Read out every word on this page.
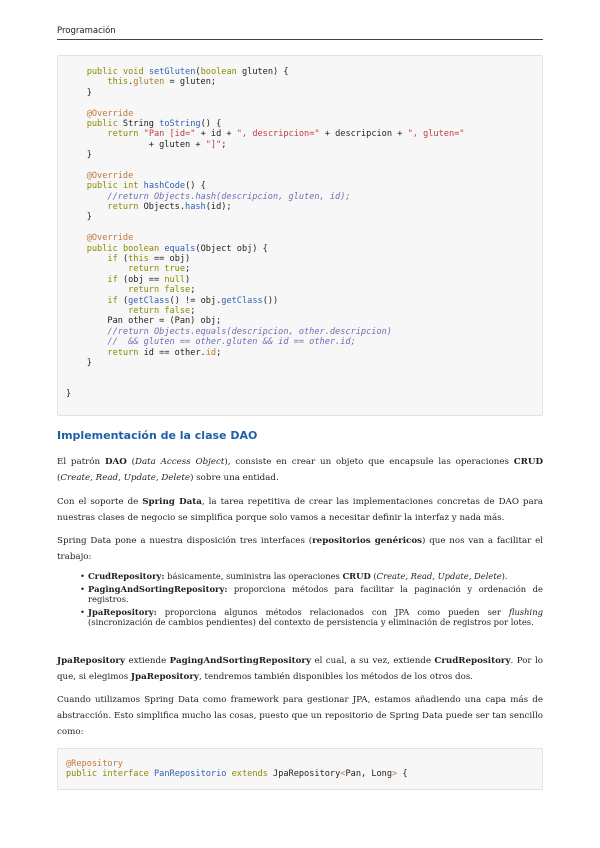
Programación
public void setGluten(boolean gluten) {
this.gluten = gluten;
}
@Override
public String toString() {
return "Pan [id=" + id + ", descripcion=" + descripcion + ", gluten="
+ gluten + "]";
}
@Override
public int hashCode() {
//return Objects.hash(descripcion, gluten, id);
return Objects.hash(id);
}
@Override
public boolean equals(Object obj) {
if (this == obj)
return true;
if (obj == null)
return false;
if (getClass() != obj.getClass())
return false;
Pan other = (Pan) obj;
//return Objects.equals(descripcion, other.descripcion)
//  && gluten == other.gluten && id == other.id;
return id == other.id;
}
}
Implementación de la clase DAO
El patrón DAO (Data Access Object), consiste en crear un objeto que encapsule las operaciones CRUD (Create, Read, Update, Delete) sobre una entidad.
Con el soporte de Spring Data, la tarea repetitiva de crear las implementaciones concretas de DAO para nuestras clases de negocio se simplifica porque solo vamos a necesitar definir la interfaz y nada más.
Spring Data pone a nuestra disposición tres interfaces (repositorios genéricos) que nos van a facilitar el trabajo:
• CrudRepository: básicamente, suministra las operaciones CRUD (Create, Read, Update, Delete).
• PagingAndSortingRepository: proporciona métodos para facilitar la paginación y ordenación de registros.
• JpaRepository: proporciona algunos métodos relacionados con JPA como pueden ser flushing (sincronización de cambios pendientes) del contexto de persistencia y eliminación de registros por lotes.
JpaRepository extiende PagingAndSortingRepository el cual, a su vez, extiende CrudRepository. Por lo que, si elegimos JpaRepository, tendremos también disponibles los métodos de los otros dos.
Cuando utilizamos Spring Data como framework para gestionar JPA, estamos añadiendo una capa más de abstracción. Esto simplifica mucho las cosas, puesto que un repositorio de Spring Data puede ser tan sencillo como:
@Repository
public interface PanRepositorio extends JpaRepository<Pan, Long> {
